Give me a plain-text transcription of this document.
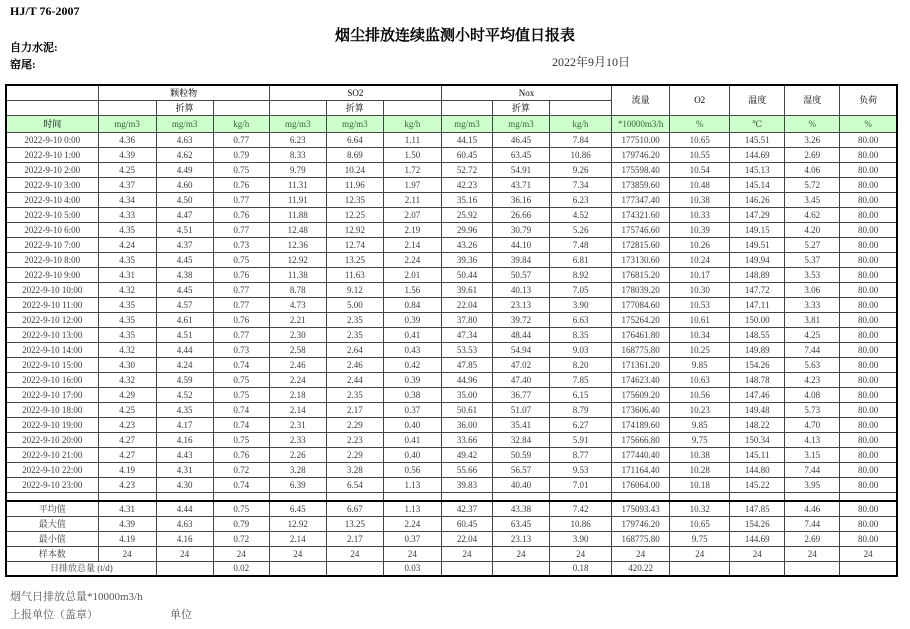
HJ/T 76-2007
烟尘排放连续监测小时平均值日报表
自力水泥:
窑尾:	2022年9月10日
	颗粒物			SO2			Nox			流量	O2	温度	湿度	负荷
		折算			折算			折算						
时间	mg/m3	mg/m3	kg/h	mg/m3	mg/m3	kg/h	mg/m3	mg/m3	kg/h	*10000m3/h	%	℃	%	%
2022-9-10 0:00	4.36	4.63	0.77	6.23	6.64	1.11	44.15	46.45	7.84	177510.00	10.65	145.51	3.26	80.00
2022-9-10 1:00	4.39	4.62	0.79	8.33	8.69	1.50	60.45	63.45	10.86	179746.20	10.55	144.69	2.69	80.00
2022-9-10 2:00	4.25	4.49	0.75	9.79	10.24	1.72	52.72	54.91	9.26	175598.40	10.54	145.13	4.06	80.00
2022-9-10 3:00	4.37	4.60	0.76	11.31	11.96	1.97	42.23	43.71	7.34	173859.60	10.48	145.14	5.72	80.00
2022-9-10 4:00	4.34	4.50	0.77	11.91	12.35	2.11	35.16	36.16	6.23	177347.40	10.38	146.26	3.45	80.00
2022-9-10 5:00	4.33	4.47	0.76	11.88	12.25	2.07	25.92	26.66	4.52	174321.60	10.33	147.29	4.62	80.00
2022-9-10 6:00	4.35	4.51	0.77	12.48	12.92	2.19	29.96	30.79	5.26	175746.60	10.39	149.15	4.20	80.00
2022-9-10 7:00	4.24	4.37	0.73	12.36	12.74	2.14	43.26	44.10	7.48	172815.60	10.26	149.51	5.27	80.00
2022-9-10 8:00	4.35	4.45	0.75	12.92	13.25	2.24	39.36	39.84	6.81	173130.60	10.24	149.94	5.37	80.00
2022-9-10 9:00	4.31	4.38	0.76	11.38	11.63	2.01	50.44	50.57	8.92	176815.20	10.17	148.89	3.53	80.00
2022-9-10 10:00	4.32	4.45	0.77	8.78	9.12	1.56	39.61	40.13	7.05	178039.20	10.30	147.72	3.06	80.00
2022-9-10 11:00	4.35	4.57	0.77	4.73	5.00	0.84	22.04	23.13	3.90	177084.60	10.53	147.11	3.33	80.00
2022-9-10 12:00	4.35	4.61	0.76	2.21	2.35	0.39	37.80	39.72	6.63	175264.20	10.61	150.00	3.81	80.00
2022-9-10 13:00	4.35	4.51	0.77	2.30	2.35	0.41	47.34	48.44	8.35	176461.80	10.34	148.55	4.25	80.00
2022-9-10 14:00	4.32	4.44	0.73	2.58	2.64	0.43	53.53	54.94	9.03	168775.80	10.25	149.89	7.44	80.00
2022-9-10 15:00	4.30	4.24	0.74	2.46	2.46	0.42	47.85	47.02	8.20	171361.20	9.85	154.26	5.63	80.00
2022-9-10 16:00	4.32	4.59	0.75	2.24	2.44	0.39	44.96	47.40	7.85	174623.40	10.63	148.78	4.23	80.00
2022-9-10 17:00	4.29	4.52	0.75	2.18	2.35	0.38	35.00	36.77	6.15	175609.20	10.56	147.46	4.08	80.00
2022-9-10 18:00	4.25	4.35	0.74	2.14	2.17	0.37	50.61	51.07	8.79	173606.40	10.23	149.48	5.73	80.00
2022-9-10 19:00	4.23	4.17	0.74	2.31	2.29	0.40	36.00	35.41	6.27	174189.60	9.85	148.22	4.70	80.00
2022-9-10 20:00	4.27	4.16	0.75	2.33	2.23	0.41	33.66	32.84	5.91	175666.80	9.75	150.34	4.13	80.00
2022-9-10 21:00	4.27	4.43	0.76	2.26	2.29	0.40	49.42	50.59	8.77	177440.40	10.38	145.11	3.15	80.00
2022-9-10 22:00	4.19	4.31	0.72	3.28	3.28	0.56	55.66	56.57	9.53	171164.40	10.28	144.80	7.44	80.00
2022-9-10 23:00	4.23	4.30	0.74	6.39	6.54	1.13	39.83	40.40	7.01	176064.00	10.18	145.22	3.95	80.00

平均值	4.31	4.44	0.75	6.45	6.67	1.13	42.37	43.38	7.42	175093.43	10.32	147.85	4.46	80.00
最大值	4.39	4.63	0.79	12.92	13.25	2.24	60.45	63.45	10.86	179746.20	10.65	154.26	7.44	80.00
最小值	4.19	4.16	0.72	2.14	2.17	0.37	22.04	23.13	3.90	168775.80	9.75	144.69	2.69	80.00
样本数	24	24	24	24	24	24	24	24	24	24	24	24	24	24
日排放总量 (t/d)			0.02			0.03			0.18	420.22				
烟气日排放总量*10000m3/h
上报单位（盖章）	单位
